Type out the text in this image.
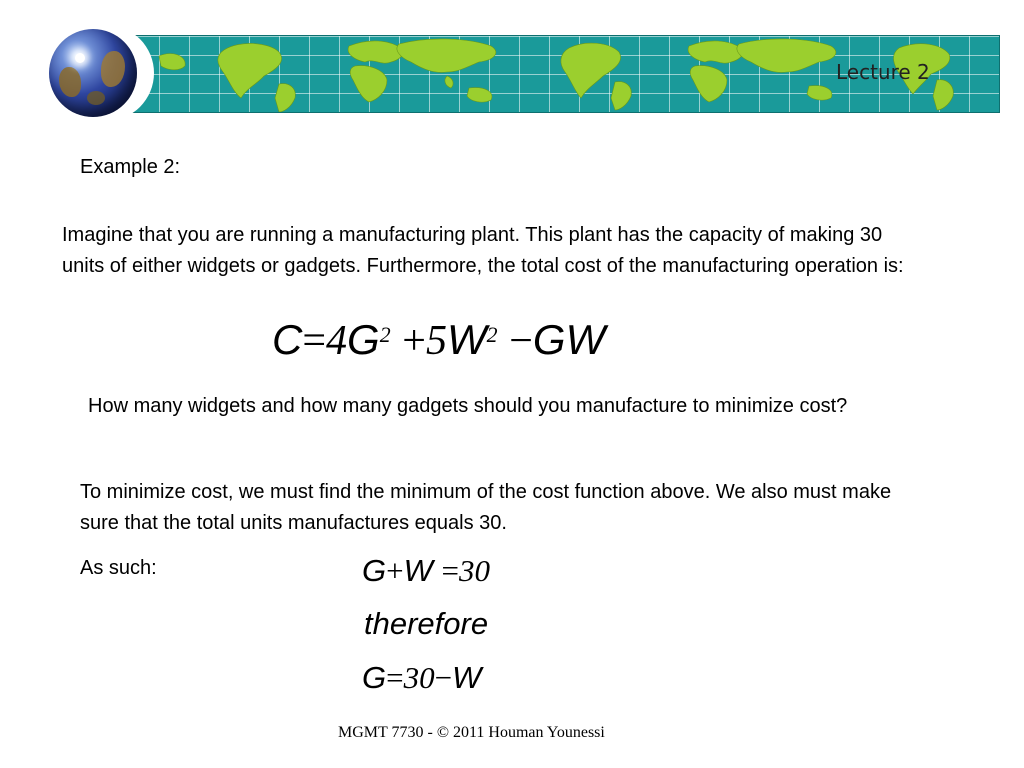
Lecture 2

Example 2:

Imagine that you are running a manufacturing plant. This plant has the capacity of making 30 units of either widgets or gadgets. Furthermore, the total cost of the manufacturing operation is:

$C=4G^2 +5W^2 -GW$

How many widgets and how many gadgets should you manufacture to minimize cost?

To minimize cost, we must find the minimum of the cost function above. We also must make sure that the total units manufactures equals 30.

As such:	G+W =30
therefore
G=30−W
MGMT 7730 - © 2011 Houman Younessi
